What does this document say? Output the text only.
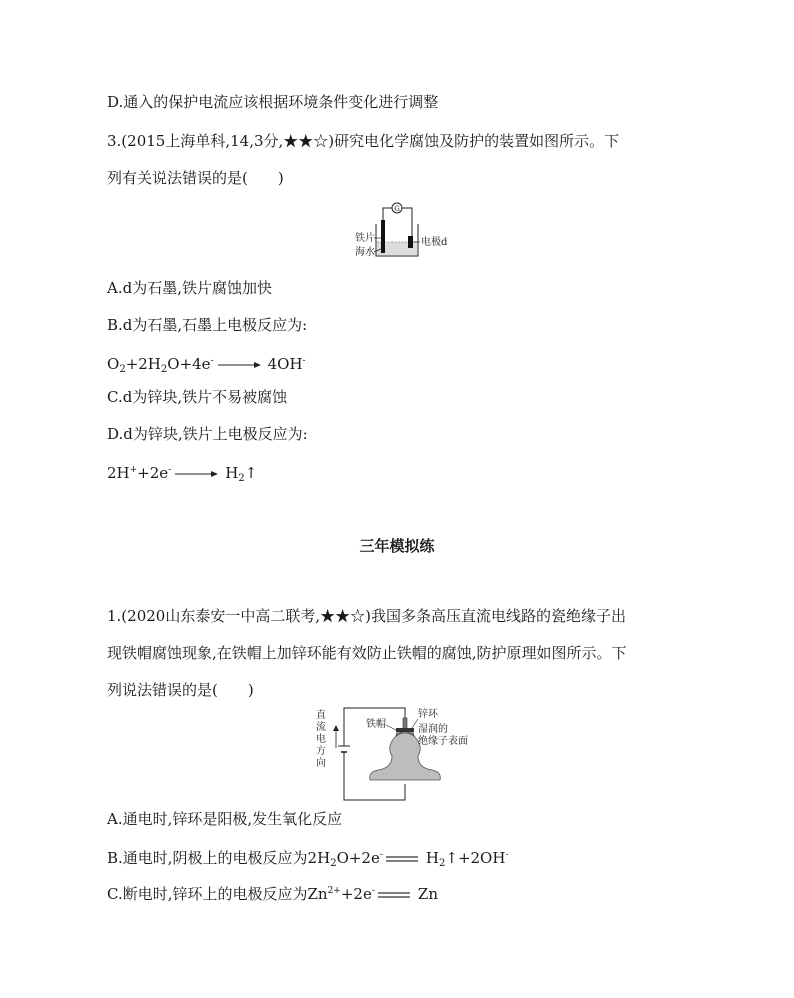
D.通入的保护电流应该根据环境条件变化进行调整
3.(2015上海单科,14,3分,★★☆)研究电化学腐蚀及防护的装置如图所示。下
列有关说法错误的是(　　)
G
铁片
海水
电极d
A.d为石墨,铁片腐蚀加快
B.d为石墨,石墨上电极反应为:
$O_2+2H_2O+4e^- \to 4OH^-$
C.d为锌块,铁片不易被腐蚀
D.d为锌块,铁片上电极反应为:
$2H^++2e^- \to H_2↑$
三年模拟练
1.(2020山东泰安一中高二联考,★★☆)我国多条高压直流电线路的瓷绝缘子出
现铁帽腐蚀现象,在铁帽上加锌环能有效防止铁帽的腐蚀,防护原理如图所示。下
列说法错误的是(　　)
直
流
电
方
向
铁帽
锌环
湿润的
绝缘子表面
A.通电时,锌环是阳极,发生氧化反应
B.通电时,阴极上的电极反应为$2H_2O+2e^-$	$H_2↑+2OH^-$
C.断电时,锌环上的电极反应为$Zn^{2+}+2e^-$	Zn
